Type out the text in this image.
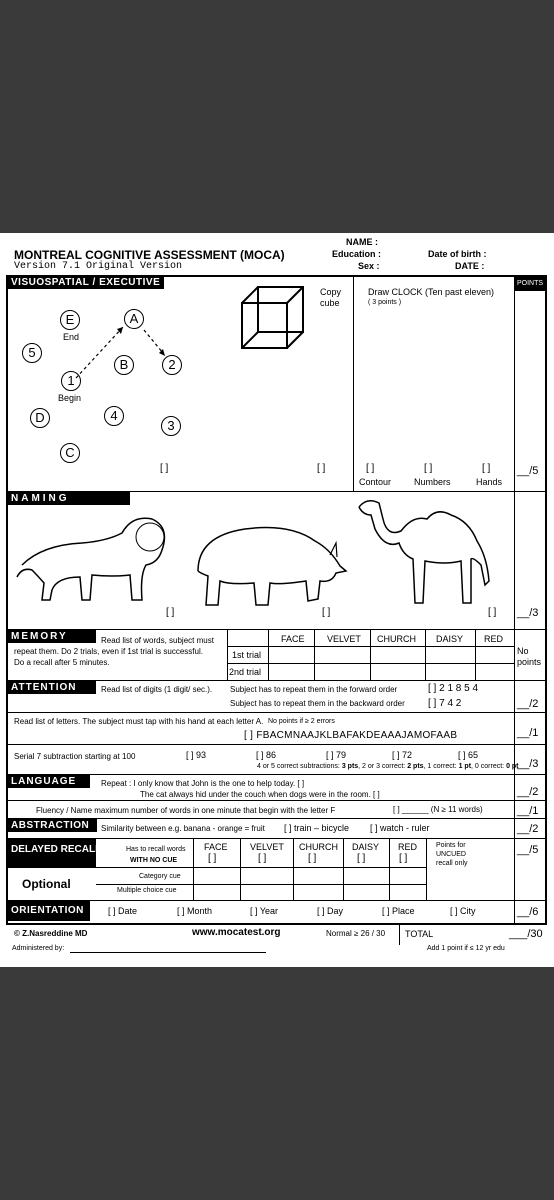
MONTREAL COGNITIVE ASSESSMENT (MOCA)
Version 7.1 Original Version
NAME :
Education :
Sex :
Date of birth :
DATE :
POINTS
VISUOSPATIAL / EXECUTIVE
E
End
A
5
B	2
1
Begin
D	4
3
C
[ ]
Copy
cube
[ ]
Draw CLOCK (Ten past eleven)
( 3 points )
[ ]	[ ]	[ ]
Contour	Numbers	Hands
__/5
NAMING
[ ]	[ ]	[ ] __/3
MEMORY	Read list of words, subject must
repeat them. Do 2 trials, even if 1st trial is successful.
Do a recall after 5 minutes.
FACE VELVET CHURCH DAISY RED
1st trial
2nd trial
No
points
ATTENTION	Read list of digits (1 digit/ sec.). Subject has to repeat them in the forward order	[ ] 2 1 8 5 4
Subject has to repeat them in the backward order [ ] 7 4 2	__/2
Read list of letters. The subject must tap with his hand at each letter A. No points if ≥ 2 errors
[ ] FBACMNAAJKLBAFAKDEAAAJAMOFAAB	__/1
Serial 7 subtraction starting at 100	[ ] 93	[ ] 86	[ ] 79	[ ] 72	[ ] 65
4 or 5 correct subtractions: 3 pts, 2 or 3 correct: 2 pts, 1 correct: 1 pt, 0 correct: 0 pt
__/3
LANGUAGE	Repeat : I only know that John is the one to help today. [ ]
The cat always hid under the couch when dogs were in the room. [ ]	__/2
Fluency / Name maximum number of words in one minute that begin with the letter F	[ ] ______ (N ≥ 11 words)	__/1
ABSTRACTION	Similarity between e.g. banana - orange = fruit [ ] train – bicycle [ ] watch - ruler	__/2
DELAYED RECALL	Has to recall words
WITH NO CUE
FACE VELVET CHURCH DAISY RED
[ ]	[ ]	[ ]	[ ]	[ ]
Points for
UNCUED
recall only
__/5
Optional
Category cue
Multiple choice cue
ORIENTATION	[ ] Date	[ ] Month	[ ] Year	[ ] Day	[ ] Place	[ ] City	__/6
© Z.Nasreddine MD	www.mocatest.org	Normal ≥ 26 / 30 TOTAL	___/30
Add 1 point if ≤ 12 yr edu
Administered by:
